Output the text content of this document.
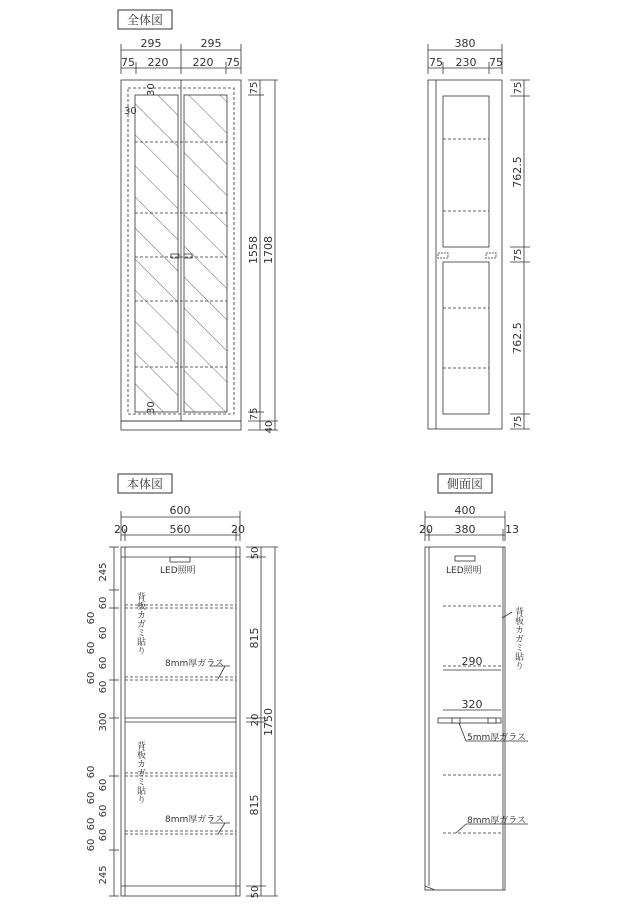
全体図
本体図	側面図
295	295
75 220 220 75
30
30
30
75
1558 1708
75
40
380
75 230 75
75
762.5
75
762.5
75
600
20	560	20
LED照明
背板カガミ貼り
背板カガミ貼り
8mm厚ガラス
8mm厚ガラス
245
60
60
60
60
60
60
60
300
60
60
60
60
60
60
60
245
50
815
20
815
50
1750
400
20 380	13
LED照明
背板カガミ貼り
290
320
5mm厚ガラス
8mm厚ガラス
